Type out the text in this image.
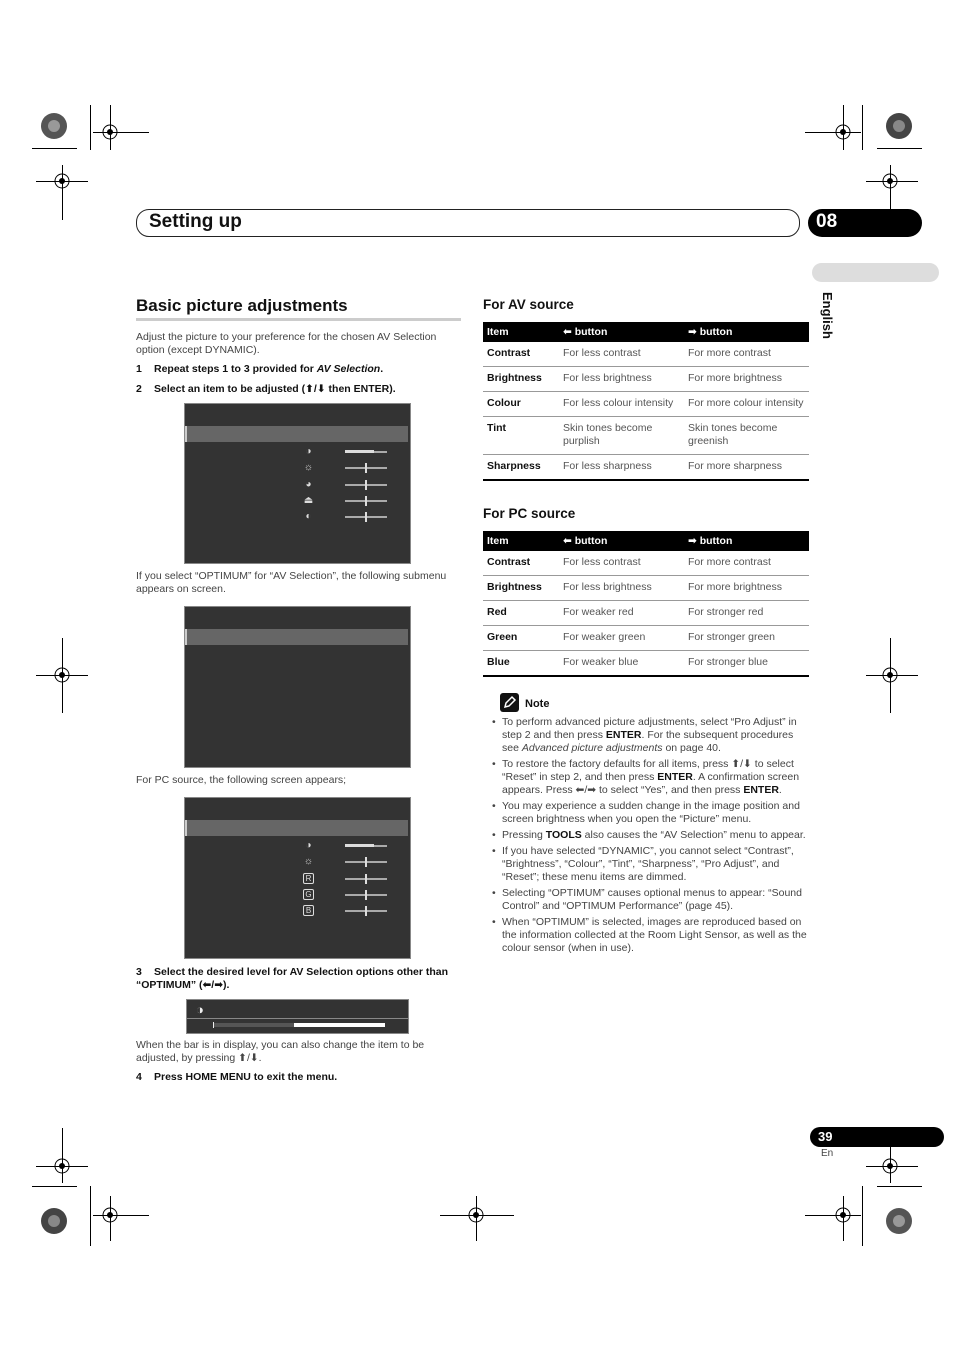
Setting up	08
English
Basic picture adjustments
Adjust the picture to your preference for the chosen AV Selection option (except DYNAMIC).
1 Repeat steps 1 to 3 provided for AV Selection.
2 Select an item to be adjusted (⬆/⬇ then ENTER).
◑
☼
◕
⏏
◐
If you select “OPTIMUM” for “AV Selection”, the following submenu appears on screen.
For PC source, the following screen appears;
◑
☼
R
G
B
3 Select the desired level for AV Selection options other than “OPTIMUM” (⬅/➡).
◑
When the bar is in display, you can also change the item to be adjusted, by pressing ⬆/⬇.
4 Press HOME MENU to exit the menu.
For AV source
Item	⬅ button	➡ button
Contrast	For less contrast	For more contrast
Brightness	For less brightness	For more brightness
Colour	For less colour intensity	For more colour intensity
Tint	Skin tones become purplish	Skin tones become greenish
Sharpness	For less sharpness	For more sharpness
For PC source
Item	⬅ button	➡ button
Contrast	For less contrast	For more contrast
Brightness	For less brightness	For more brightness
Red	For weaker red	For stronger red
Green	For weaker green	For stronger green
Blue	For weaker blue	For stronger blue
Note
• To perform advanced picture adjustments, select “Pro Adjust” in step 2 and then press ENTER. For the subsequent procedures see Advanced picture adjustments on page 40.
• To restore the factory defaults for all items, press ⬆/⬇ to select “Reset” in step 2, and then press ENTER. A confirmation screen appears. Press ⬅/➡ to select “Yes”, and then press ENTER.
• You may experience a sudden change in the image position and screen brightness when you open the “Picture” menu.
• Pressing TOOLS also causes the “AV Selection” menu to appear.
• If you have selected “DYNAMIC”, you cannot select “Contrast”, “Brightness”, “Colour”, “Tint”, “Sharpness”, “Pro Adjust”, and “Reset”; these menu items are dimmed.
• Selecting “OPTIMUM” causes optional menus to appear: “Sound Control” and “OPTIMUM Performance” (page 45).
• When “OPTIMUM” is selected, images are reproduced based on the information collected at the Room Light Sensor, as well as the colour sensor (when in use).
39
En
